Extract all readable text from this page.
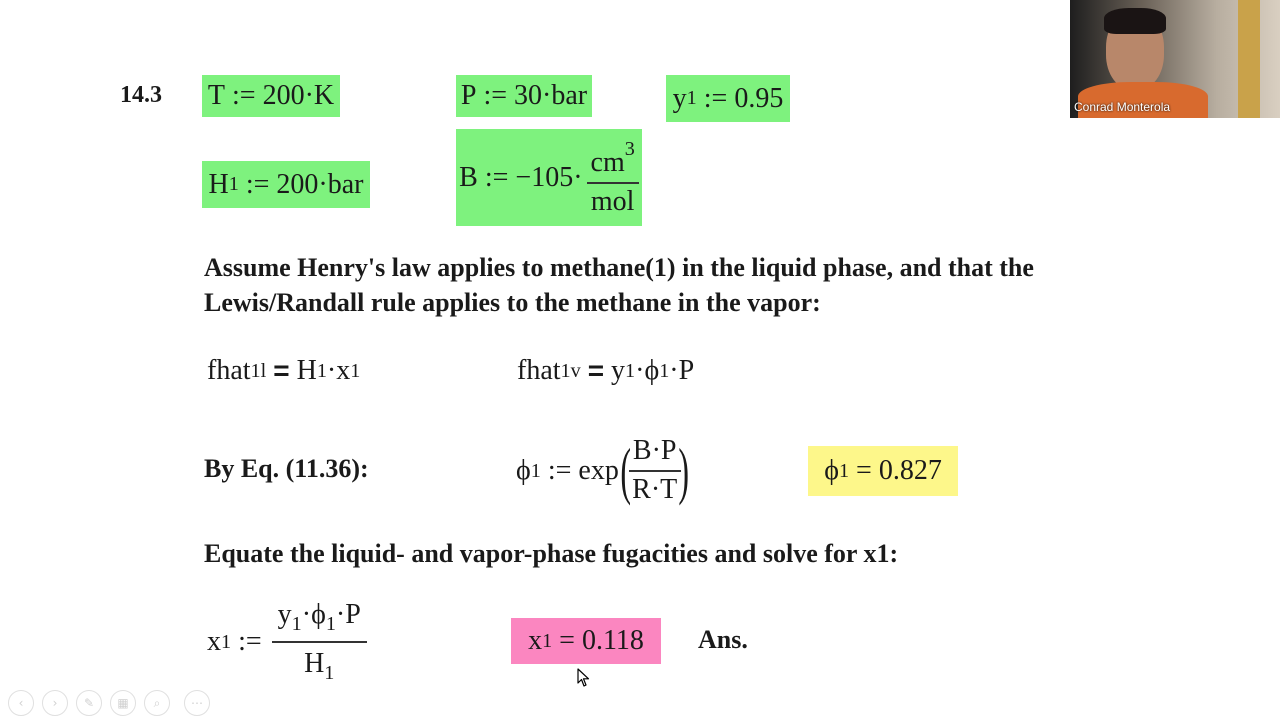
14.3 T
:=
200 · K	P
:=
30 · bar	y 1
:=
0.95
H 1
:=
200 · bar	B
:=
$-105 \cdot \frac{cm^3}{\text{mol}}$
Assume Henry's law applies to methane(1) in the liquid phase, and that the
Lewis/Randall rule applies to the methane in the vapor:
fhat 1 l
=
H 1 · x 1	fhat 1 v
=
y 1 · ϕ 1 · P
By Eq. (11.36):	ϕ 1
:=
exp (
$\frac{B\cdot P}{R\cdot T}$
)	ϕ 1
=
0.827
Equate the liquid- and vapor-phase fugacities and solve for x1:
x 1
:= $\frac{y_1\cdot\phi_1\cdot P}{H_1}$	x 1
=
0.118 Ans.
Conrad Monterola
‹	›	✎	▦	⌕	⋯
